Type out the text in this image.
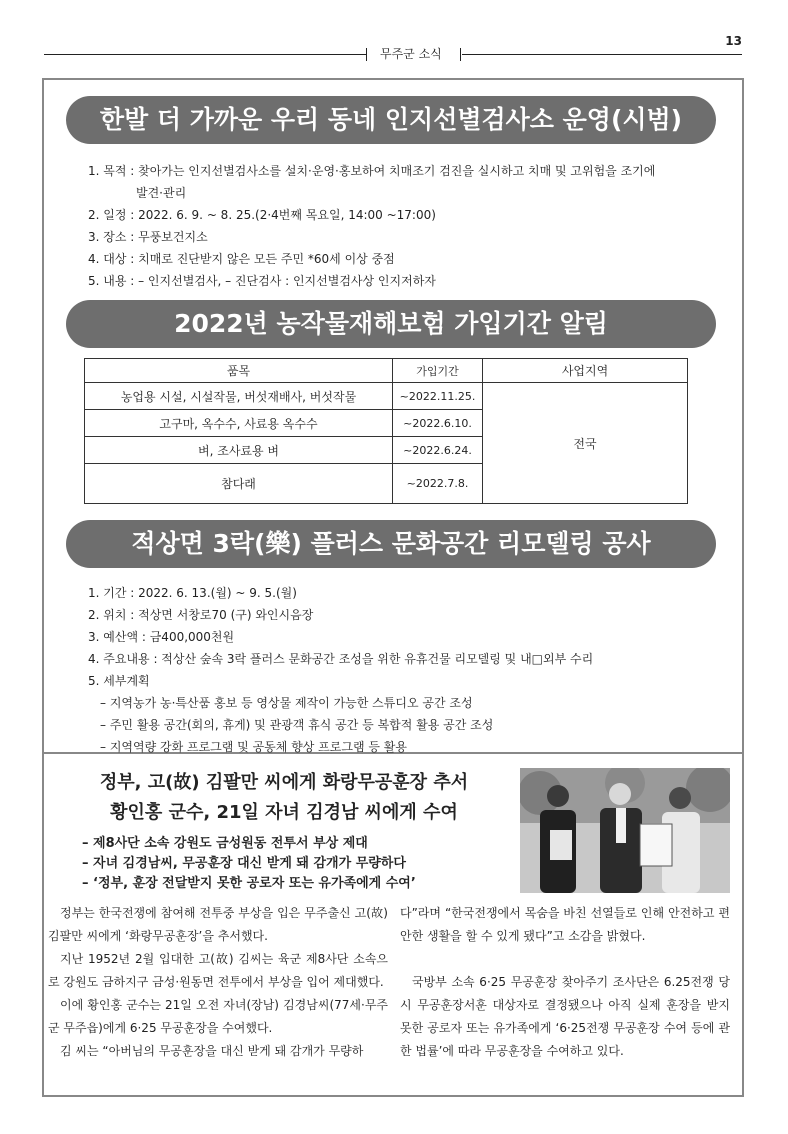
13
무주군 소식
한발 더 가까운 우리 동네 인지선별검사소 운영(시범)
1. 목적 : 찾아가는 인지선별검사소를 설치·운영·홍보하여 치매조기 검진을 실시하고 치매 및 고위험을 조기에
발견·관리
2. 일정 : 2022. 6. 9. ~ 8. 25.(2·4번째 목요일, 14:00 ~17:00)
3. 장소 : 무풍보건지소
4. 대상 : 치매로 진단받지 않은 모든 주민 *60세 이상 중점
5. 내용 : – 인지선별검사, – 진단검사 : 인지선별검사상 인지저하자
2022년 농작물재해보험 가입기간 알림
품목	가입기간	사업지역
농업용 시설, 시설작물, 버섯재배사, 버섯작물	~2022.11.25.	전국
고구마, 옥수수, 사료용 옥수수	~2022.6.10.	
벼, 조사료용 벼	~2022.6.24.	
참다래	~2022.7.8.	
적상면 3락(樂) 플러스 문화공간 리모델링 공사
1. 기간 : 2022. 6. 13.(월) ~ 9. 5.(월)
2. 위치 : 적상면 서창로70 (구) 와인시음장
3. 예산액 : 금400,000천원
4. 주요내용 : 적상산 숲속 3락 플러스 문화공간 조성을 위한 유휴건물 리모델링 및 내□외부 수리
5. 세부계획
– 지역농가 농·특산품 홍보 등 영상물 제작이 가능한 스튜디오 공간 조성
– 주민 활용 공간(회의, 휴게) 및 관광객 휴식 공간 등 복합적 활용 공간 조성
– 지역역량 강화 프로그램 및 공동체 향상 프로그램 등 활용
정부, 고(故) 김팔만 씨에게 화랑무공훈장 추서
황인홍 군수, 21일 자녀 김경남 씨에게 수여
– 제8사단 소속 강원도 금성원동 전투서 부상 제대
– 자녀 김경남씨, 무공훈장 대신 받게 돼 감개가 무량하다
– ‘정부, 훈장 전달받지 못한 공로자 또는 유가족에게 수여’

정부는 한국전쟁에 참여해 전투중 부상을 입은 무주출신 고(故) 김팔만 씨에게 ‘화랑무공훈장’을 추서했다.

지난 1952년 2월 입대한 고(故) 김씨는 육군 제8사단 소속으로 강원도 금하지구 금성·원동면 전투에서 부상을 입어 제대했다.

이에 황인홍 군수는 21일 오전 자녀(장남) 김경남씨(77세·무주군 무주읍)에게 6·25 무공훈장을 수여했다.

김 씨는 “아버님의 무공훈장을 대신 받게 돼 감개가 무량하

다”라며 “한국전쟁에서 목숨을 바친 선열들로 인해 안전하고 편안한 생활을 할 수 있게 됐다”고 소감을 밝혔다.

국방부 소속 6·25 무공훈장 찾아주기 조사단은 6.25전쟁 당시 무공훈장서훈 대상자로 결정됐으나 아직 실제 훈장을 받지 못한 공로자 또는 유가족에게 ‘6·25전쟁 무공훈장 수여 등에 관한 법률’에 따라 무공훈장을 수여하고 있다.
